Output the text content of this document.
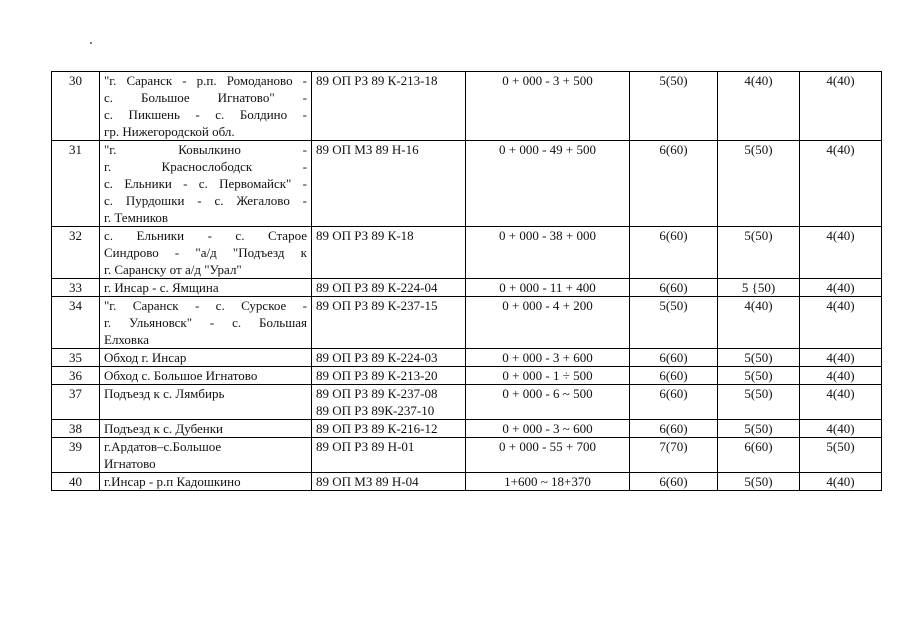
30	"г. Саранск - р.п. Ромоданово -
с. Большое Игнатово" -
с. Пикшень - с. Болдино -
гр. Нижегородской обл.	89 ОП РЗ 89 К-213-18	0 + 000 - 3 + 500	5(50)	4(40)	4(40)
31	"г. Ковылкино -
г. Краснослободск -
с. Ельники - с. Первомайск" -
с. Пурдошки - с. Жегалово -
г. Темников	89 ОП МЗ 89 Н-16	0 + 000 - 49 + 500	6(60)	5(50)	4(40)
32	с. Ельники - с. Старое
Синдрово - "а/д "Подъезд к
г. Саранску от а/д "Урал"	89 ОП РЗ 89 К-18	0 + 000 - 38 + 000	6(60)	5(50)	4(40)
33	г. Инсар - с. Ямщина	89 ОП РЗ 89 К-224-04	0 + 000 - 11 + 400	6(60)	5 {50)	4(40)
34	"г. Саранск - с. Сурское -
г. Ульяновск" - с. Большая
Елховка	89 ОП РЗ 89 К-237-15	0 + 000 - 4 + 200	5(50)	4(40)	4(40)
35	Обход г. Инсар	89 ОП РЗ 89 К-224-03	0 + 000 - 3 + 600	6(60)	5(50)	4(40)
36	Обход с. Большое Игнатово	89 ОП РЗ 89 К-213-20	0 + 000 - 1 ÷ 500	6(60)	5(50)	4(40)
37	Подъезд к с. Лямбирь	89 ОП РЗ 89 К-237-08
89 ОП РЗ 89К-237-10	0 + 000 - 6 ~ 500	6(60)	5(50)	4(40)
38	Подъезд к с. Дубенки	89 ОП РЗ 89 К-216-12	0 + 000 - 3 ~ 600	6(60)	5(50)	4(40)
39	г.Ардатов–с.Большое
Игнатово	89 ОП РЗ 89 Н-01	0 + 000 - 55 + 700	7(70)	6(60)	5(50)
40	г.Инсар - р.п Кадошкино	89 ОП МЗ 89 Н-04	1+600 ~ 18+370	6(60)	5(50)	4(40)
